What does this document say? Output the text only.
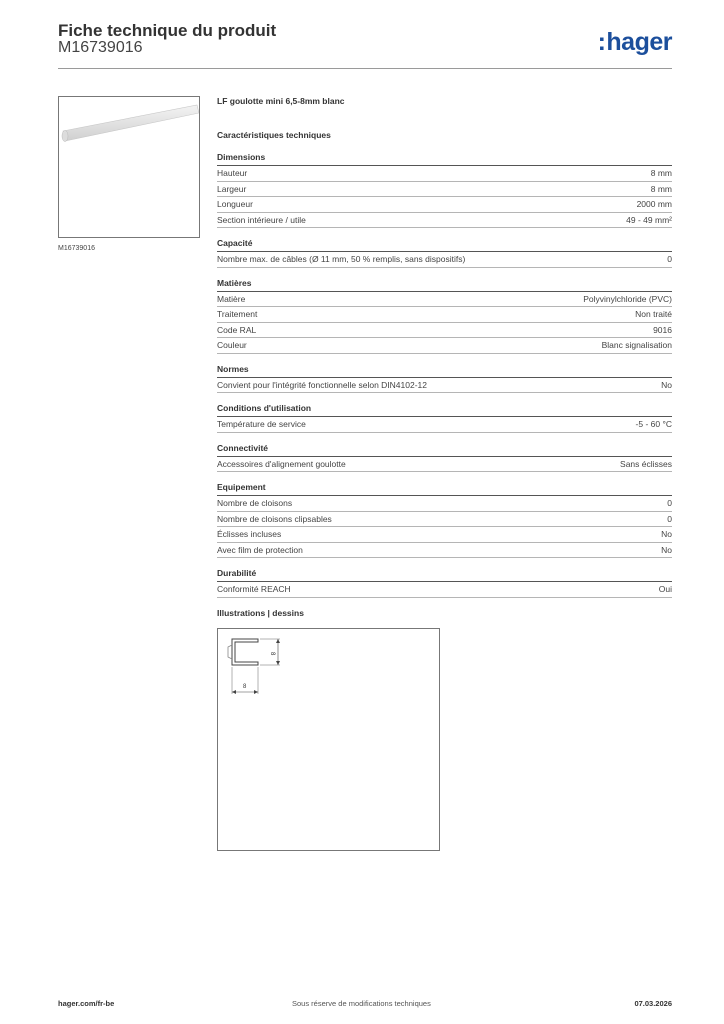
Fiche technique du produit
M16739016	:hager
M16739016
LF goulotte mini 6,5-8mm blanc
Caractéristiques techniques
Dimensions
Hauteur	8 mm
Largeur	8 mm
Longueur	2000 mm
Section intérieure / utile	49 - 49 mm²
Capacité
Nombre max. de câbles (Ø 11 mm, 50 % remplis, sans dispositifs)	0
Matières
Matière	Polyvinylchloride (PVC)
Traitement	Non traité
Code RAL	9016
Couleur	Blanc signalisation
Normes
Convient pour l'intégrité fonctionnelle selon DIN4102-12	No
Conditions d'utilisation
Température de service	-5 - 60 °C
Connectivité
Accessoires d'alignement goulotte	Sans éclisses
Equipement
Nombre de cloisons	0
Nombre de cloisons clipsables	0
Éclisses incluses	No
Avec film de protection	No
Durabilité
Conformité REACH	Oui
Illustrations | dessins
8
8
hager.com/fr-be	Sous réserve de modifications techniques	07.03.2026
